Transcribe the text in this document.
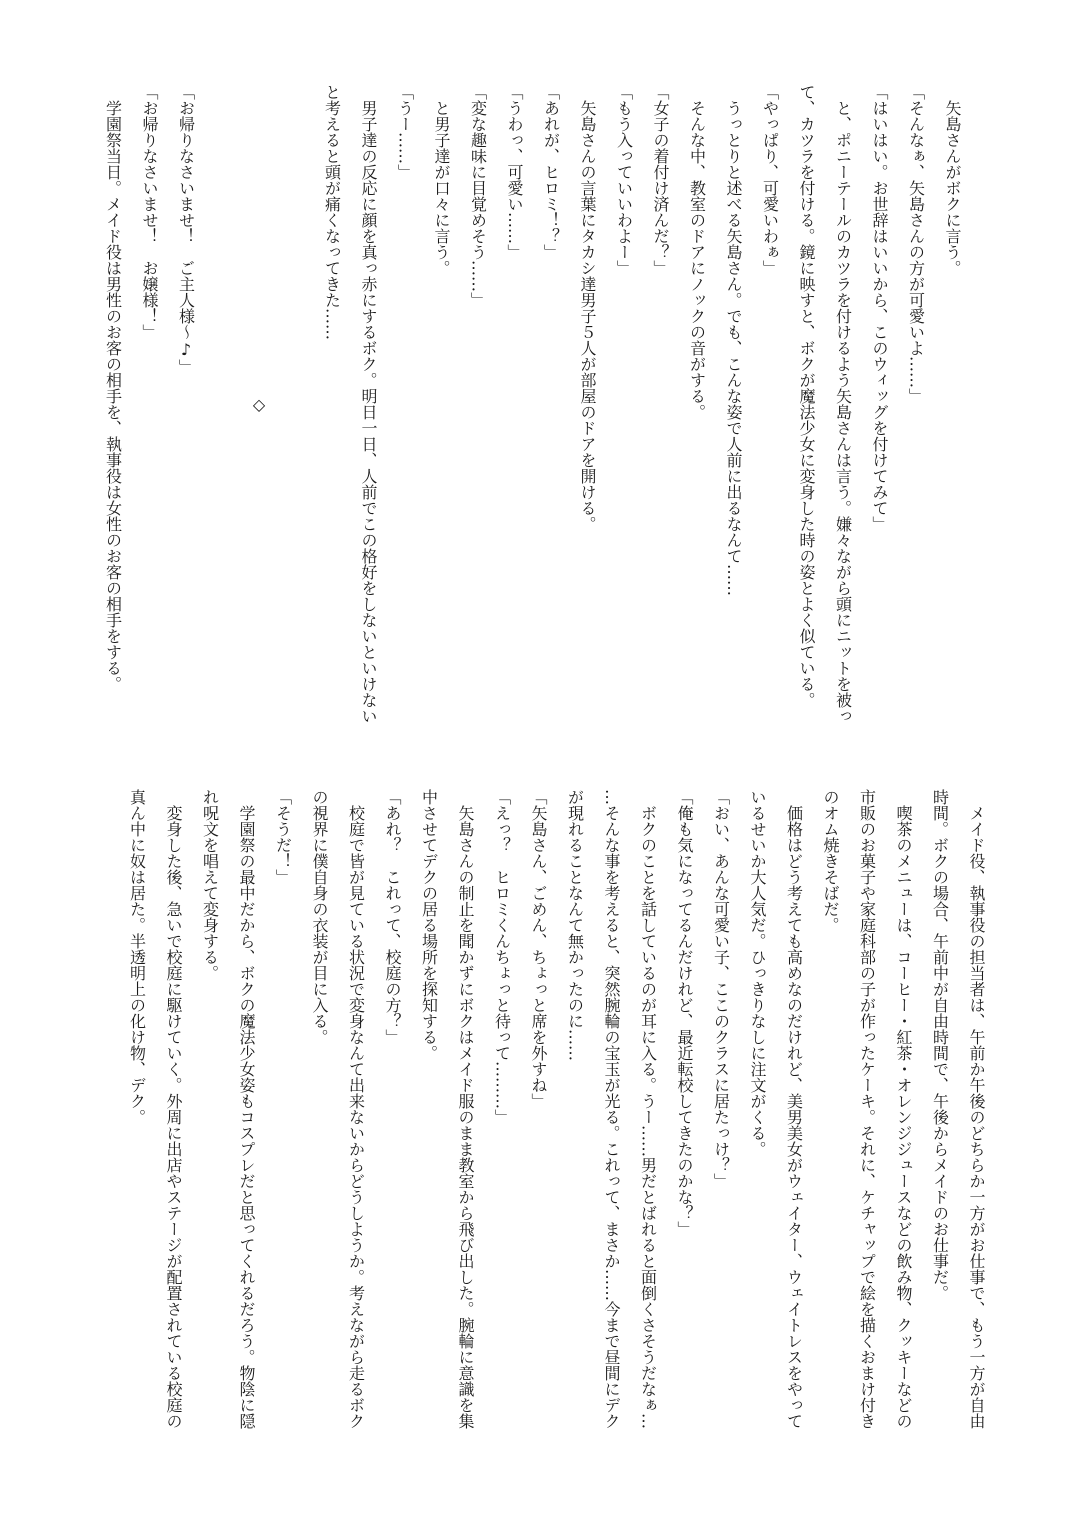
　矢島さんがボクに言う。
「そんなぁ、矢島さんの方が可愛いよ……」
「はいはい。お世辞はいいから、このウィッグを付けてみて」
　と、ポニーテールのカツラを付けるよう矢島さんは言う。嫌々ながら頭にニットを被っ
て、カツラを付ける。鏡に映すと、ボクが魔法少女に変身した時の姿とよく似ている。
「やっぱり、可愛いわぁ」
　うっとりと述べる矢島さん。でも、こんな姿で人前に出るなんて……
　そんな中、教室のドアにノックの音がする。
「女子の着付け済んだ？」
「もう入っていいわよー」
　矢島さんの言葉にタカシ達男子５人が部屋のドアを開ける。
「あれが、ヒロミ！？」
「うわっ、可愛い……」
「変な趣味に目覚めそう……」
　と男子達が口々に言う。
「うー……」
　男子達の反応に顔を真っ赤にするボク。明日一日、人前でこの格好をしないといけない
と考えると頭が痛くなってきた……
◇
「お帰りなさいませ！　ご主人様～♪」
「お帰りなさいませ！　お嬢様！」
　学園祭当日。メイド役は男性のお客の相手を、執事役は女性のお客の相手をする。
　メイド役、執事役の担当者は、午前か午後のどちらか一方がお仕事で、もう一方が自由
時間。ボクの場合、午前中が自由時間で、午後からメイドのお仕事だ。
　喫茶のメニューは、コーヒー・紅茶・オレンジジュースなどの飲み物、クッキーなどの
市販のお菓子や家庭科部の子が作ったケーキ。それに、ケチャップで絵を描くおまけ付き
のオム焼きそばだ。
　価格はどう考えても高めなのだけれど、美男美女がウェイター、ウェイトレスをやって
いるせいか大人気だ。ひっきりなしに注文がくる。
「おい、あんな可愛い子、ここのクラスに居たっけ？」
「俺も気になってるんだけれど、最近転校してきたのかな？」
　ボクのことを話しているのが耳に入る。うー……男だとばれると面倒くさそうだなぁ…
…そんな事を考えると、突然腕輪の宝玉が光る。これって、まさか……今まで昼間にデク
が現れることなんて無かったのに……
「矢島さん、ごめん、ちょっと席を外すね」
「えっ？　ヒロミくんちょっと待って………」
　矢島さんの制止を聞かずにボクはメイド服のまま教室から飛び出した。腕輪に意識を集
中させてデクの居る場所を探知する。
「あれ？　これって、校庭の方？」
　校庭で皆が見ている状況で変身なんて出来ないからどうしようか。考えながら走るボク
の視界に僕自身の衣装が目に入る。
「そうだ！」
　学園祭の最中だから、ボクの魔法少女姿もコスプレだと思ってくれるだろう。物陰に隠
れ呪文を唱えて変身する。
　変身した後、急いで校庭に駆けていく。外周に出店やステージが配置されている校庭の
真ん中に奴は居た。半透明上の化け物、デク。
